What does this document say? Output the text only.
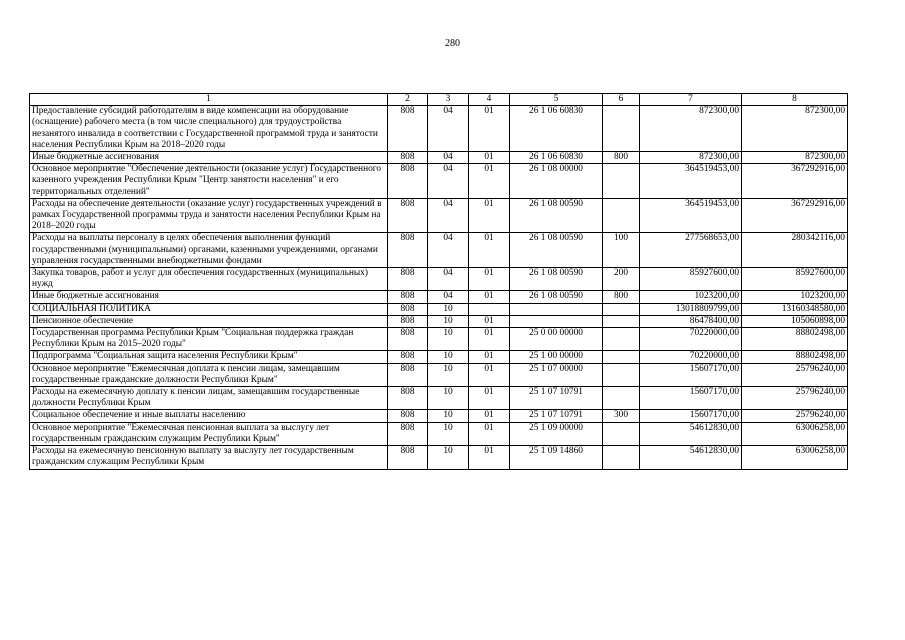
280
1	2	3	4	5	6	7	8
Предоставление субсидий работодателям в виде компенсации на оборудование (оснащение) рабочего места (в том числе специального) для трудоустройства незанятого инвалида в соответствии с Государственной программой труда и занятости населения Республики Крым на 2018–2020 годы	808	04	01	26 1 06 60830		872300,00	872300,00
Иные бюджетные ассигнования	808	04	01	26 1 06 60830	800	872300,00	872300,00
Основное мероприятие "Обеспечение деятельности (оказание услуг) Государственного казенного учреждения Республики Крым "Центр занятости населения" и его территориальных отделений"	808	04	01	26 1 08 00000		364519453,00	367292916,00
Расходы на обеспечение деятельности (оказание услуг) государственных учреждений в рамках Государственной программы труда и занятости населения Республики Крым на 2018–2020 годы	808	04	01	26 1 08 00590		364519453,00	367292916,00
Расходы на выплаты персоналу в целях обеспечения выполнения функций государственными (муниципальными) органами, казенными учреждениями, органами управления государственными внебюджетными фондами	808	04	01	26 1 08 00590	100	277568653,00	280342116,00
Закупка товаров, работ и услуг для обеспечения государственных (муниципальных) нужд	808	04	01	26 1 08 00590	200	85927600,00	85927600,00
Иные бюджетные ассигнования	808	04	01	26 1 08 00590	800	1023200,00	1023200,00
СОЦИАЛЬНАЯ ПОЛИТИКА	808	10				13018809799,00	13160348580,00
Пенсионное обеспечение	808	10	01			86478400,00	105060898,00
Государственная программа Республики Крым "Социальная поддержка граждан Республики Крым на 2015–2020 годы"	808	10	01	25 0 00 00000		70220000,00	88802498,00
Подпрограмма "Социальная защита населения Республики Крым"	808	10	01	25 1 00 00000		70220000,00	88802498,00
Основное мероприятие "Ежемесячная доплата к пенсии лицам, замещавшим государственные гражданские должности Республики Крым"	808	10	01	25 1 07 00000		15607170,00	25796240,00
Расходы на ежемесячную доплату к пенсии лицам, замещавшим государственные должности Республики Крым	808	10	01	25 1 07 10791		15607170,00	25796240,00
Социальное обеспечение и иные выплаты населению	808	10	01	25 1 07 10791	300	15607170,00	25796240,00
Основное мероприятие "Ежемесячная пенсионная выплата за выслугу лет государственным гражданским служащим Республики Крым"	808	10	01	25 1 09 00000		54612830,00	63006258,00
Расходы на ежемесячную пенсионную выплату за выслугу лет государственным гражданским служащим Республики Крым	808	10	01	25 1 09 14860		54612830,00	63006258,00
